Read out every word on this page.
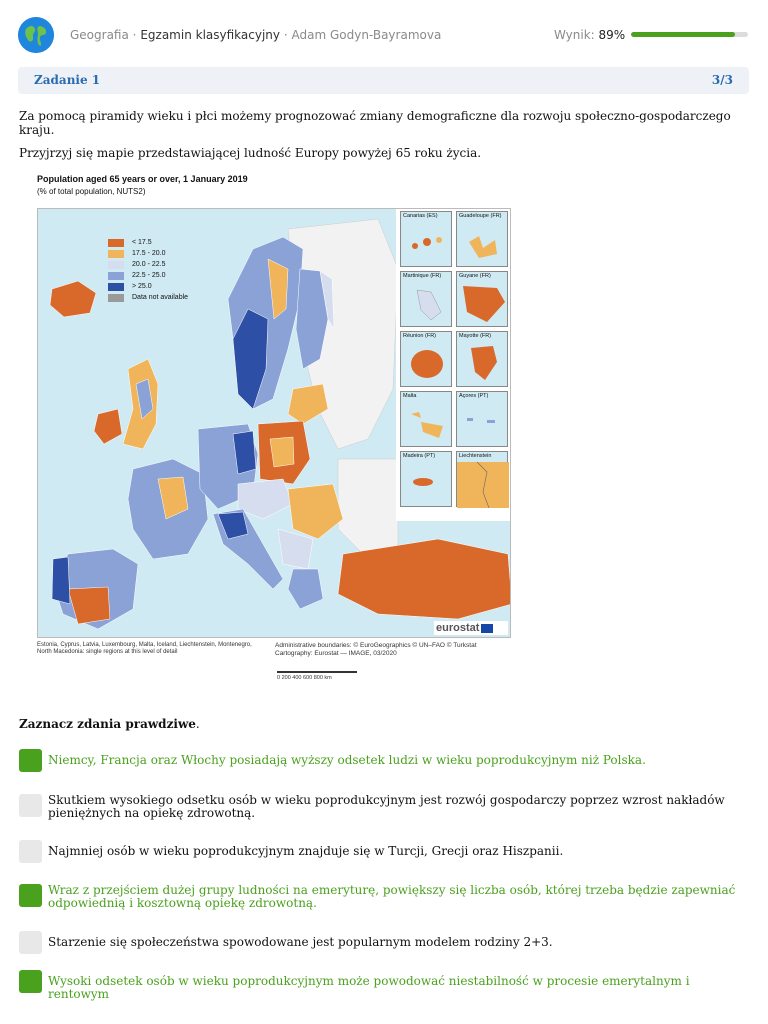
Geografia · Egzamin klasyfikacyjny · Adam Godyn-Bayramova	Wynik: 89%
Zadanie 1	3/3
Za pomocą piramidy wieku i płci możemy prognozować zmiany demograficzne dla rozwoju społeczno-gospodarczego kraju.
Przyjrzyj się mapie przedstawiającej ludność Europy powyżej 65 roku życia.
Population aged 65 years or over, 1 January 2019
(% of total population, NUTS2)
< 17.5
17.5 - 20.0
20.0 - 22.5
22.5 - 25.0
> 25.0
Data not available
Canarias (ES)	Guadeloupe (FR)
Martinique (FR)	Guyane (FR)
Réunion (FR)	Mayotte (FR)
Malta	Açores (PT)
Madeira (PT)	Liechtenstein
eurostat
Estonia, Cyprus, Latvia, Luxembourg, Malta, Iceland, Liechtenstein, Montenegro, North Macedonia: single regions at this level of detail
Administrative boundaries: © EuroGeographics © UN–FAO © Turkstat
Cartography: Eurostat — IMAGE, 03/2020
0 200 400 600 800 km
Zaznacz zdania prawdziwe.
Niemcy, Francja oraz Włochy posiadają wyższy odsetek ludzi w wieku poprodukcyjnym niż Polska.
Skutkiem wysokiego odsetku osób w wieku poprodukcyjnym jest rozwój gospodarczy poprzez wzrost nakładów pieniężnych na opiekę zdrowotną.
Najmniej osób w wieku poprodukcyjnym znajduje się w Turcji, Grecji oraz Hiszpanii.
Wraz z przejściem dużej grupy ludności na emeryturę, powiększy się liczba osób, której trzeba będzie zapewniać odpowiednią i kosztowną opiekę zdrowotną.
Starzenie się społeczeństwa spowodowane jest popularnym modelem rodziny 2+3.
Wysoki odsetek osób w wieku poprodukcyjnym może powodować niestabilność w procesie emerytalnym i rentowym
